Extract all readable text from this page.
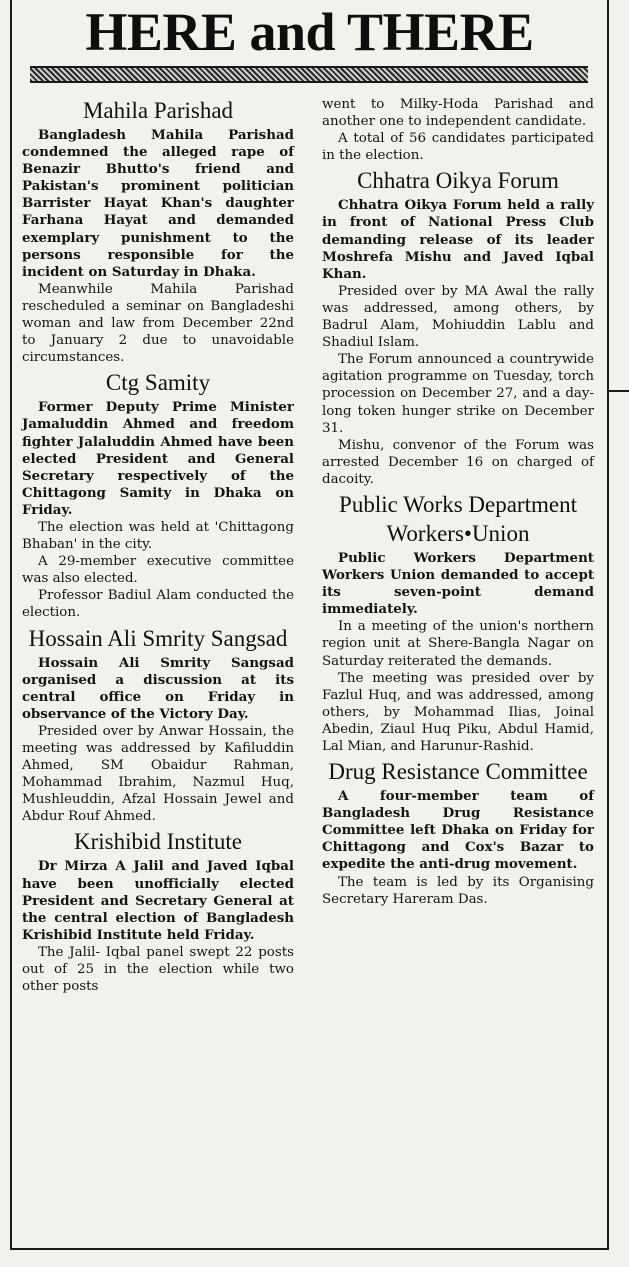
HERE and THERE
Mahila Parishad

Bangladesh Mahila Parishad condemned the alleged rape of Benazir Bhutto's friend and Pakistan's prominent politician Barrister Hayat Khan's daughter Farhana Hayat and demanded exemplary punishment to the persons responsible for the incident on Saturday in Dhaka.

Meanwhile Mahila Parishad rescheduled a seminar on Bangladeshi woman and law from December 22nd to January 2 due to unavoidable circumstances.

Ctg Samity

Former Deputy Prime Minister Jamaluddin Ahmed and freedom fighter Jalaluddin Ahmed have been elected President and General Secretary respectively of the Chittagong Samity in Dhaka on Friday.

The election was held at 'Chittagong Bhaban' in the city.

A 29-member executive committee was also elected.

Professor Badiul Alam conducted the election.

Hossain Ali Smrity Sangsad

Hossain Ali Smrity Sangsad organised a discussion at its central office on Friday in observance of the Victory Day.

Presided over by Anwar Hossain, the meeting was addressed by Kafiluddin Ahmed, SM Obaidur Rahman, Mohammad Ibrahim, Nazmul Huq, Mushleuddin, Afzal Hossain Jewel and Abdur Rouf Ahmed.

Krishibid Institute

Dr Mirza A Jalil and Javed Iqbal have been unofficially elected President and Secretary General at the central election of Bangladesh Krishibid Institute held Friday.

The Jalil- Iqbal panel swept 22 posts out of 25 in the election while two other posts

went to Milky-Hoda Parishad and another one to independent candidate.

A total of 56 candidates participated in the election.

Chhatra Oikya Forum

Chhatra Oikya Forum held a rally in front of National Press Club demanding release of its leader Moshrefa Mishu and Javed Iqbal Khan.

Presided over by MA Awal the rally was addressed, among others, by Badrul Alam, Mohiuddin Lablu and Shadiul Islam.

The Forum announced a countrywide agitation programme on Tuesday, torch procession on December 27, and a day-long token hunger strike on December 31.

Mishu, convenor of the Forum was arrested December 16 on charged of dacoity.

Public Works Department Workers•Union

Public Workers Department Workers Union demanded to accept its seven-point demand immediately.

In a meeting of the union's northern region unit at Shere-Bangla Nagar on Saturday reiterated the demands.

The meeting was presided over by Fazlul Huq, and was addressed, among others, by Mohammad Ilias, Joinal Abedin, Ziaul Huq Piku, Abdul Hamid, Lal Mian, and Harunur-Rashid.

Drug Resistance Committee

A four-member team of Bangladesh Drug Resistance Committee left Dhaka on Friday for Chittagong and Cox's Bazar to expedite the anti-drug movement.

The team is led by its Organising Secretary Hareram Das.
